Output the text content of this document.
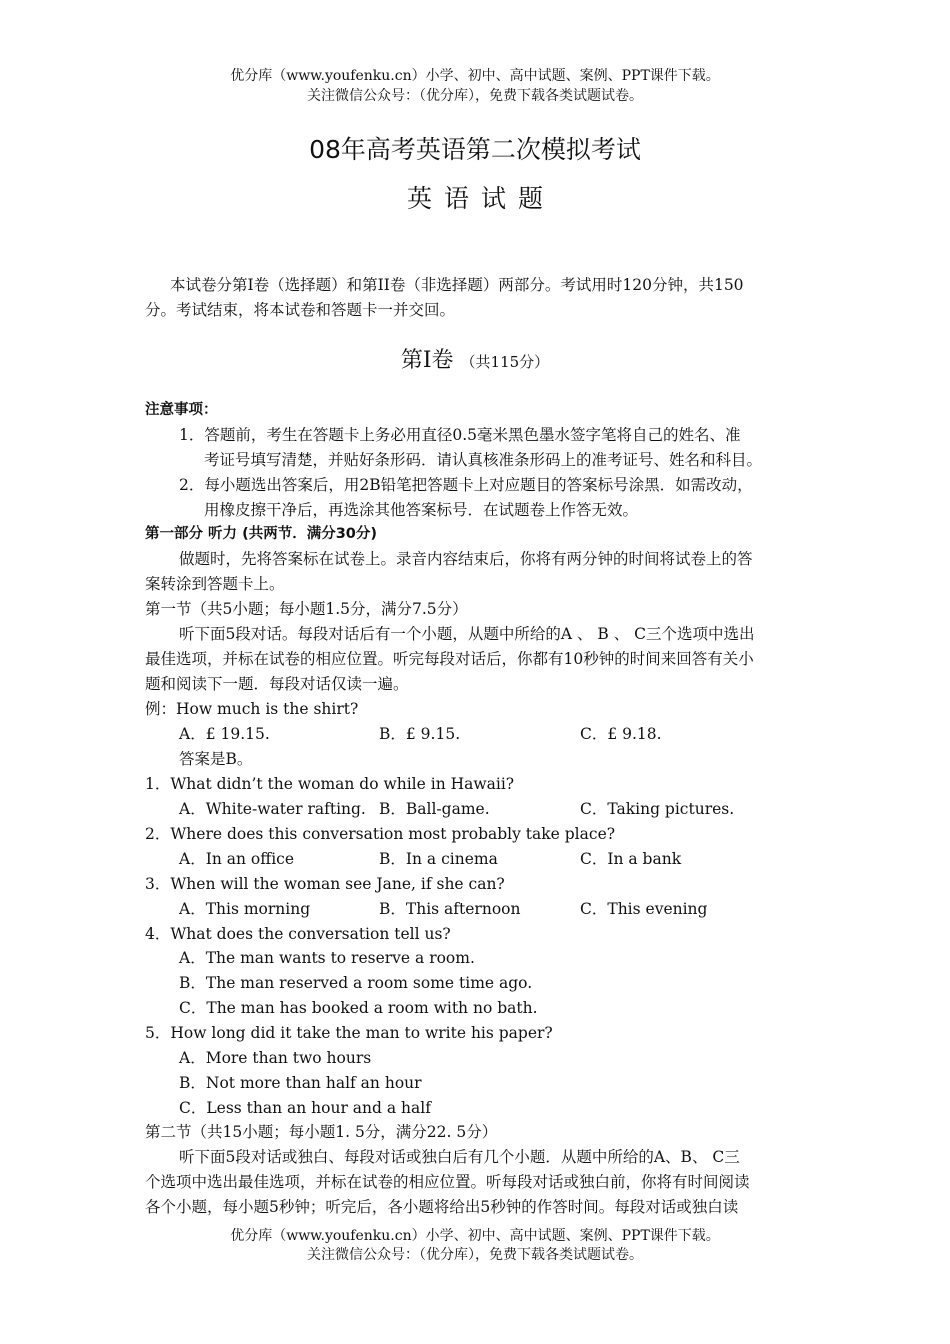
优分库（www.youfenku.cn）小学、初中、高中试题、案例、PPT课件下载。
关注微信公众号：（优分库），免费下载各类试题试卷。
08年高考英语第二次模拟考试
英语试题
本试卷分第I卷（选择题）和第II卷（非选择题）两部分。考试用时120分钟，共150
分。考试结束，将本试卷和答题卡一并交回。
第I卷 （共115分）
注意事项：
1．答题前，考生在答题卡上务必用直径0.5毫米黑色墨水签字笔将自己的姓名、准
考证号填写清楚，并贴好条形码．请认真核准条形码上的准考证号、姓名和科目。
2．每小题选出答案后，用2B铅笔把答题卡上对应题目的答案标号涂黑．如需改动，
用橡皮擦干净后，再选涂其他答案标号．在试题卷上作答无效。
第一部分 听力 (共两节．满分30分)
做题时，先将答案标在试卷上。录音内容结束后，你将有两分钟的时间将试卷上的答
案转涂到答题卡上。
第一节（共5小题；每小题1.5分，满分7.5分）
听下面5段对话。每段对话后有一个小题，从题中所给的A 、 B 、 C三个选项中选出
最佳选项，并标在试卷的相应位置。听完每段对话后，你都有10秒钟的时间来回答有关小
题和阅读下一题．每段对话仅读一遍。
例：How much is the shirt?
A．£ 19.15.	B．£ 9.15.	C．£ 9.18.
答案是B。
1．What didn’t the woman do while in Hawaii?
A．White-water rafting. B．Ball-game.	C．Taking pictures.
2．Where does this conversation most probably take place?
A．In an office	B．In a cinema	C．In a bank
3．When will the woman see Jane, if she can?
A．This morning	B．This afternoon	C．This evening
4．What does the conversation tell us?
A．The man wants to reserve a room.
B．The man reserved a room some time ago.
C．The man has booked a room with no bath.
5．How long did it take the man to write his paper?
A．More than two hours
B．Not more than half an hour
C．Less than an hour and a half
第二节（共15小题；每小题1. 5分，满分22. 5分）
听下面5段对话或独白、每段对话或独白后有几个小题．从题中所给的A、B、 C三
个选项中选出最佳选项，并标在试卷的相应位置。听每段对话或独白前，你将有时间阅读
各个小题，每小题5秒钟；听完后，各小题将给出5秒钟的作答时间。每段对话或独白读
优分库（www.youfenku.cn）小学、初中、高中试题、案例、PPT课件下载。
关注微信公众号：（优分库），免费下载各类试题试卷。
